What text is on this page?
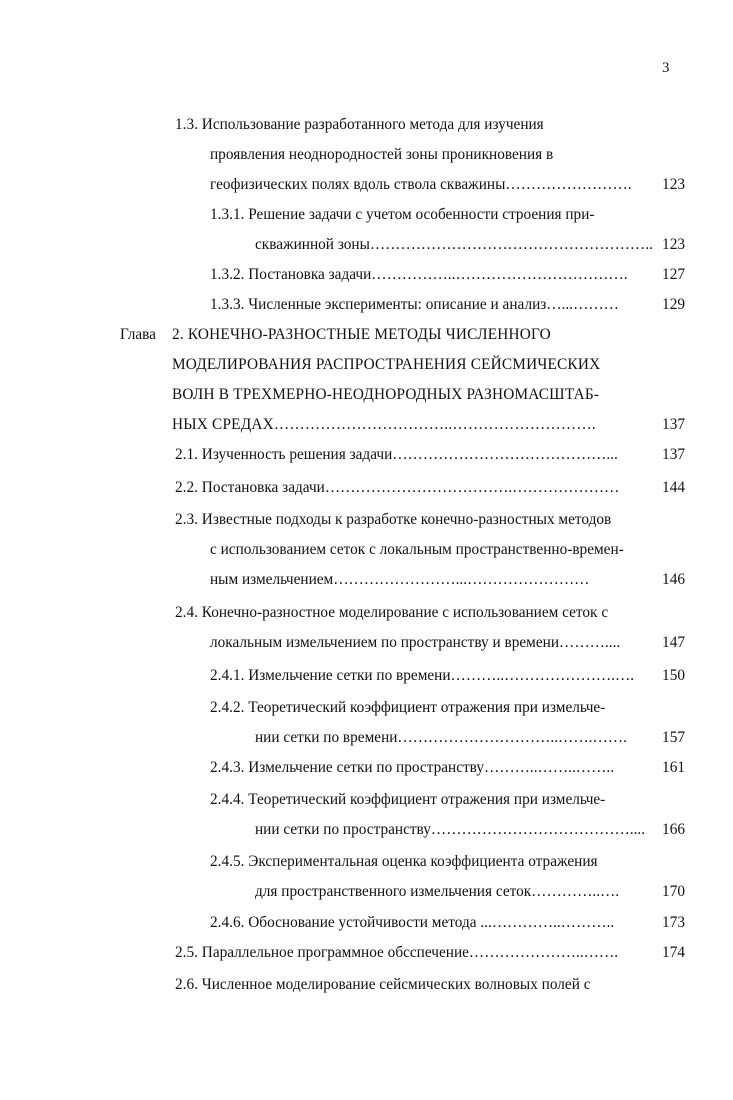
3
1.3. Использование разработанного метода для изучения
проявления неоднородностей зоны проникновения в
геофизических полях вдоль ствола скважины…………………….	123
1.3.1. Решение задачи с учетом особенности строения при-
скважинной зоны……………………………………………….. 123
1.3.2. Постановка задачи……………..…………………………….	127
1.3.3. Численные эксперименты: описание и анализ…...………	129
Глава 2. КОНЕЧНО-РАЗНОСТНЫЕ МЕТОДЫ ЧИСЛЕННОГО
МОДЕЛИРОВАНИЯ РАСПРОСТРАНЕНИЯ СЕЙСМИЧЕСКИХ
ВОЛН В ТРЕХМЕРНО-НЕОДНОРОДНЫХ РАЗНОМАСШТАБ-
НЫХ СРЕДАХ……………………………..……………………….	137
2.1. Изученность решения задачи……………………………………...	137
2.2. Постановка задачи……………………………….…………………	144
2.3. Известные подходы к разработке конечно-разностных методов
с использованием сеток с локальным пространственно-времен-
ным измельчением……………………...……………………	146
2.4. Конечно-разностное моделирование с использованием сеток с
локальным измельчением по пространству и времени………....	147
2.4.1. Измельчение сетки по времени………..………………….….	150
2.4.2. Теоретический коэффициент отражения при измельче-
нии сетки по времени…………………………..…….…….	157
2.4.3. Измельчение сетки по пространству………..……..……..	161
2.4.4. Теоретический коэффициент отражения при измельче-
нии сетки по пространству…………………………………....	166
2.4.5. Экспериментальная оценка коэффициента отражения
для пространственного измельчения сеток…………..….	170
2.4.6. Обоснование устойчивости метода ...…………..………..	173
2.5. Параллельное программное обсспечение…………………..…….	174
2.6. Численное моделирование сейсмических волновых полей с
